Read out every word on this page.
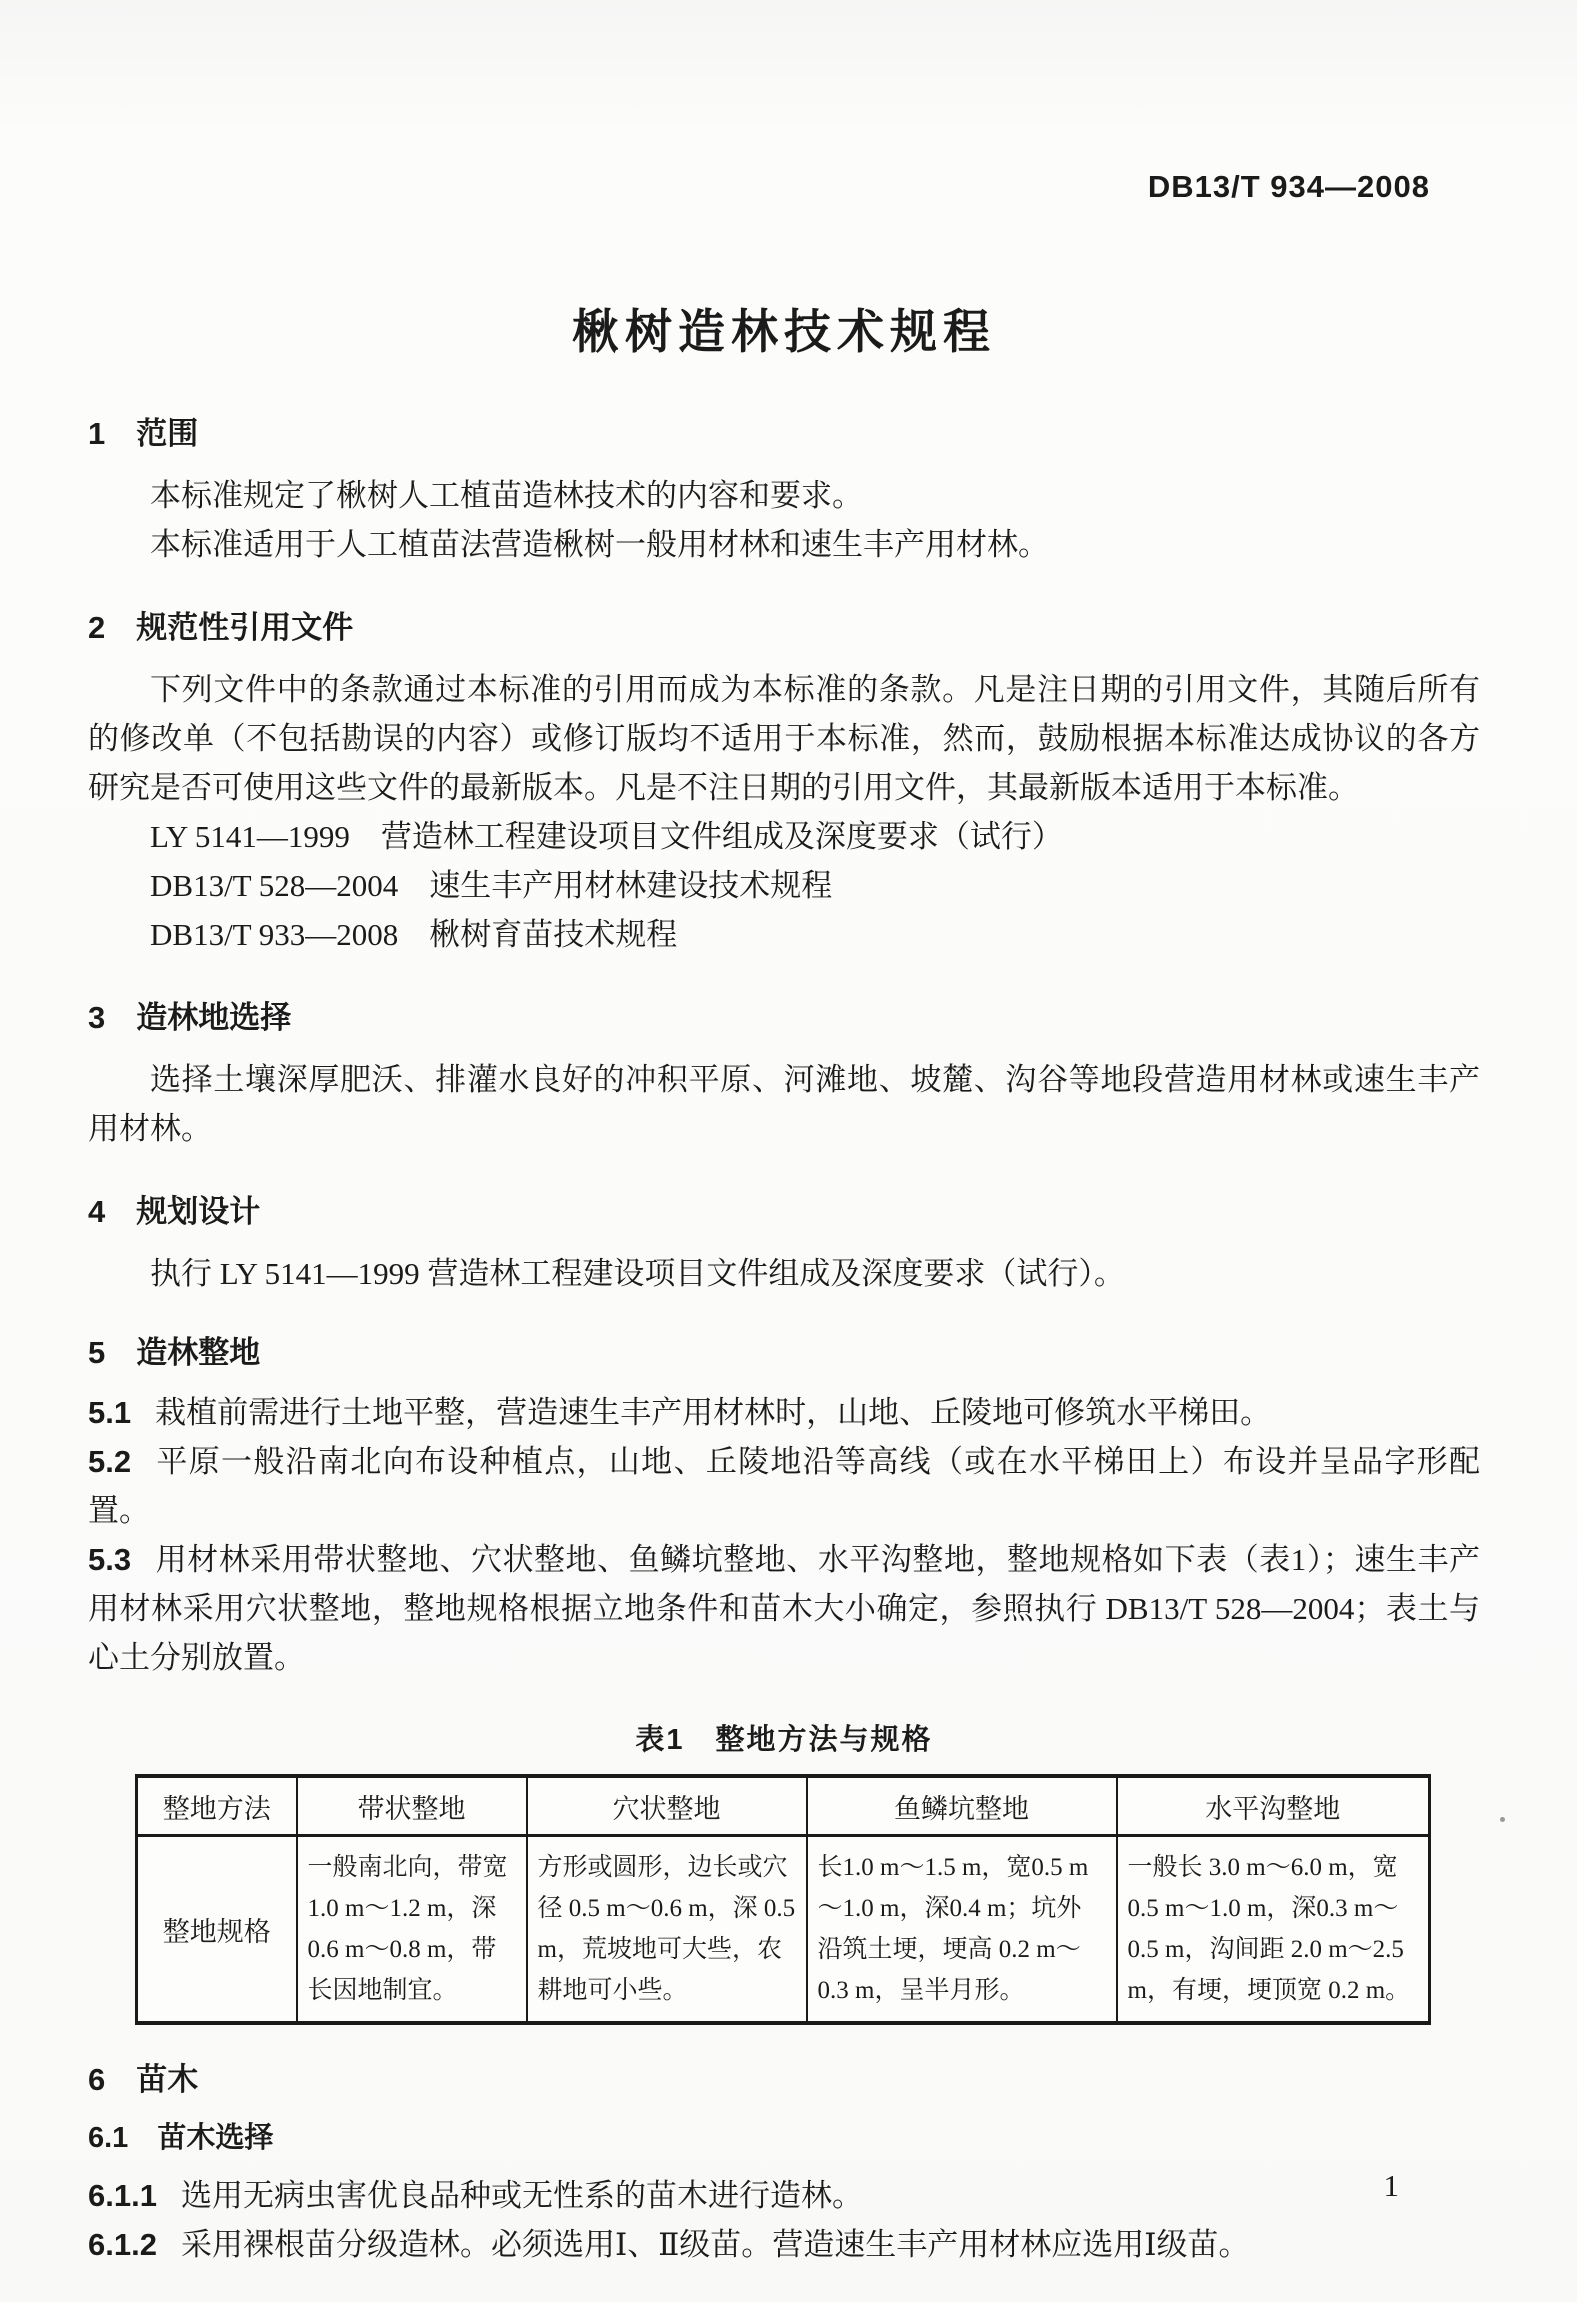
DB13/T 934—2008
楸树造林技术规程
1　范围
本标准规定了楸树人工植苗造林技术的内容和要求。
本标准适用于人工植苗法营造楸树一般用材林和速生丰产用材林。
2　规范性引用文件
下列文件中的条款通过本标准的引用而成为本标准的条款。凡是注日期的引用文件，其随后所有的修改单（不包括勘误的内容）或修订版均不适用于本标准，然而，鼓励根据本标准达成协议的各方研究是否可使用这些文件的最新版本。凡是不注日期的引用文件，其最新版本适用于本标准。
LY 5141—1999　营造林工程建设项目文件组成及深度要求（试行）
DB13/T 528—2004　速生丰产用材林建设技术规程
DB13/T 933—2008　楸树育苗技术规程
3　造林地选择
选择土壤深厚肥沃、排灌水良好的冲积平原、河滩地、坡麓、沟谷等地段营造用材林或速生丰产用材林。
4　规划设计
执行 LY 5141—1999 营造林工程建设项目文件组成及深度要求（试行）。
5　造林整地

5.1 栽植前需进行土地平整，营造速生丰产用材林时，山地、丘陵地可修筑水平梯田。

5.2 平原一般沿南北向布设种植点，山地、丘陵地沿等高线（或在水平梯田上）布设并呈品字形配置。

5.3 用材林采用带状整地、穴状整地、鱼鳞坑整地、水平沟整地，整地规格如下表（表1）；速生丰产用材林采用穴状整地，整地规格根据立地条件和苗木大小确定，参照执行 DB13/T 528—2004；表土与心土分别放置。

表1　整地方法与规格
整地方法	带状整地	穴状整地	鱼鳞坑整地	水平沟整地
整地规格	一般南北向，带宽 1.0 m～1.2 m，深 0.6 m～0.8 m，带长因地制宜。	方形或圆形，边长或穴径 0.5 m～0.6 m，深 0.5 m，荒坡地可大些，农耕地可小些。	长1.0 m～1.5 m，宽0.5 m～1.0 m，深0.4 m；坑外沿筑土埂，埂高 0.2 m～0.3 m，呈半月形。	一般长 3.0 m～6.0 m，宽 0.5 m～1.0 m，深0.3 m～0.5 m，沟间距 2.0 m～2.5 m，有埂，埂顶宽 0.2 m。
6　苗木
6.1　苗木选择

6.1.1 选用无病虫害优良品种或无性系的苗木进行造林。

6.1.2 采用裸根苗分级造林。必须选用Ⅰ、Ⅱ级苗。营造速生丰产用材林应选用Ⅰ级苗。

1
